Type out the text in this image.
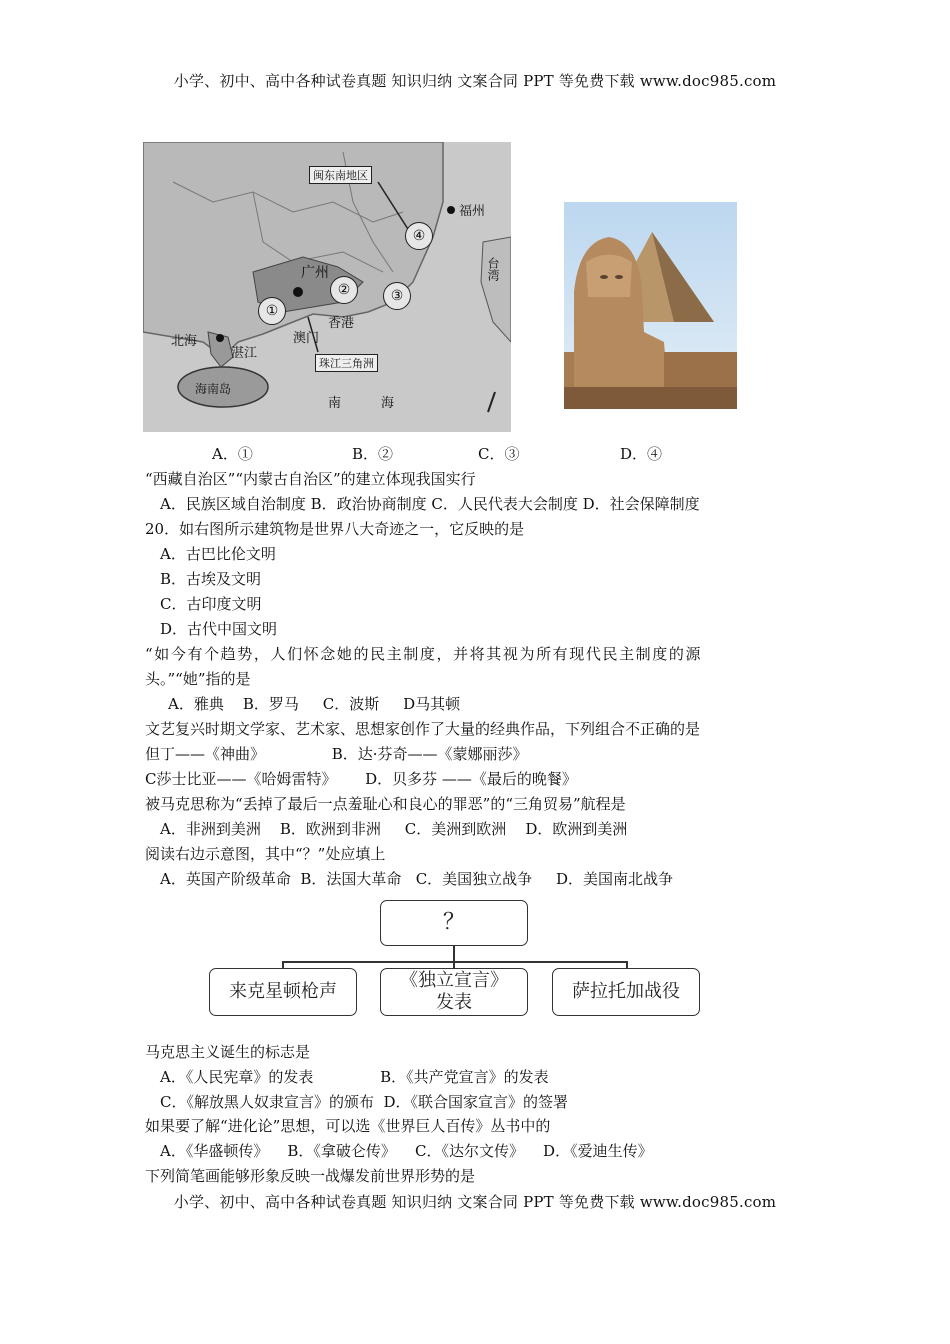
小学、初中、高中各种试卷真题 知识归纳 文案合同 PPT 等免费下载 www.doc985.com
闽东南地区
福州
广州
香港
澳门
北海
湛江
海南岛
南	海
台湾
珠江三角洲
①
②	③
④
A．①	B．②	C．③	D．④
“西藏自治区”“内蒙古自治区”的建立体现我国实行
A．民族区域自治制度 B．政治协商制度 C．人民代表大会制度 D．社会保障制度
20．如右图所示建筑物是世界八大奇迹之一，它反映的是
A．古巴比伦文明
B．古埃及文明
C．古印度文明
D．古代中国文明
“如今有个趋势，人们怀念她的民主制度，并将其视为所有现代民主制度的源
头。”“她”指的是
A．雅典    B．罗马     C．波斯     D马其顿
文艺复兴时期文学家、艺术家、思想家创作了大量的经典作品，下列组合不正确的是
但丁——《神曲》              B．达·芬奇——《蒙娜丽莎》
C莎士比亚——《哈姆雷特》      D．贝多芬 ——《最后的晚餐》
被马克思称为“丢掉了最后一点羞耻心和良心的罪恶”的“三角贸易”航程是
A．非洲到美洲    B．欧洲到非洲     C．美洲到欧洲    D．欧洲到美洲
阅读右边示意图，其中“？”处应填上
A．英国产阶级革命  B．法国大革命   C．美国独立战争     D．美国南北战争
？
来克星顿枪声
《独立宣言》
发表
萨拉托加战役
马克思主义诞生的标志是
A．《人民宪章》的发表              B．《共产党宣言》的发表
C．《解放黑人奴隶宣言》的颁布  D．《联合国家宣言》的签署
如果要了解“进化论”思想，可以选《世界巨人百传》丛书中的
A．《华盛顿传》    B．《拿破仑传》    C．《达尔文传》    D．《爱迪生传》
下列简笔画能够形象反映一战爆发前世界形势的是
小学、初中、高中各种试卷真题 知识归纳 文案合同 PPT 等免费下载 www.doc985.com
